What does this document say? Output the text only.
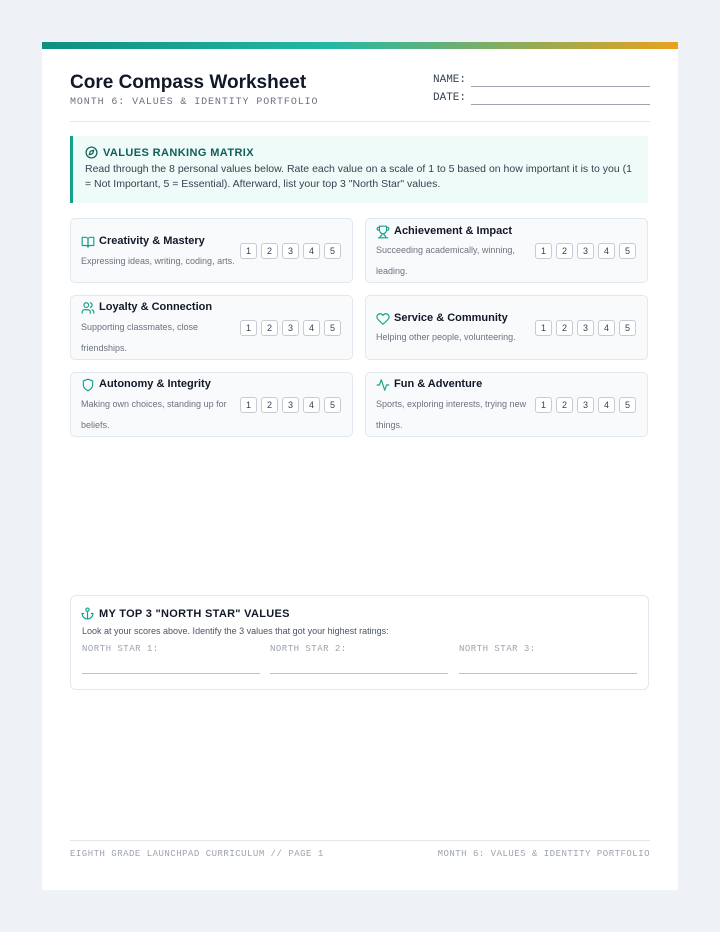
Core Compass Worksheet
MONTH 6: VALUES & IDENTITY PORTFOLIO
NAME:
DATE:
VALUES RANKING MATRIX
Read through the 8 personal values below. Rate each value on a scale of 1 to 5 based on how important it is to you (1 = Not Important, 5 = Essential). Afterward, list your top 3 "North Star" values.
Creativity & Mastery
Expressing ideas, writing, coding, arts.
1	2	3	4	5
Achievement & Impact
Succeeding academically, winning, leading.
1	2	3	4	5
Loyalty & Connection
Supporting classmates, close friendships.
1	2	3	4	5
Service & Community
Helping other people, volunteering.
1	2	3	4	5
Autonomy & Integrity
Making own choices, standing up for beliefs.
1	2	3	4	5
Fun & Adventure
Sports, exploring interests, trying new things.
1	2	3	4	5
MY TOP 3 "NORTH STAR" VALUES
Look at your scores above. Identify the 3 values that got your highest ratings:
NORTH STAR 1:	NORTH STAR 2:	NORTH STAR 3:
EIGHTH GRADE LAUNCHPAD CURRICULUM // PAGE 1	MONTH 6: VALUES & IDENTITY PORTFOLIO
